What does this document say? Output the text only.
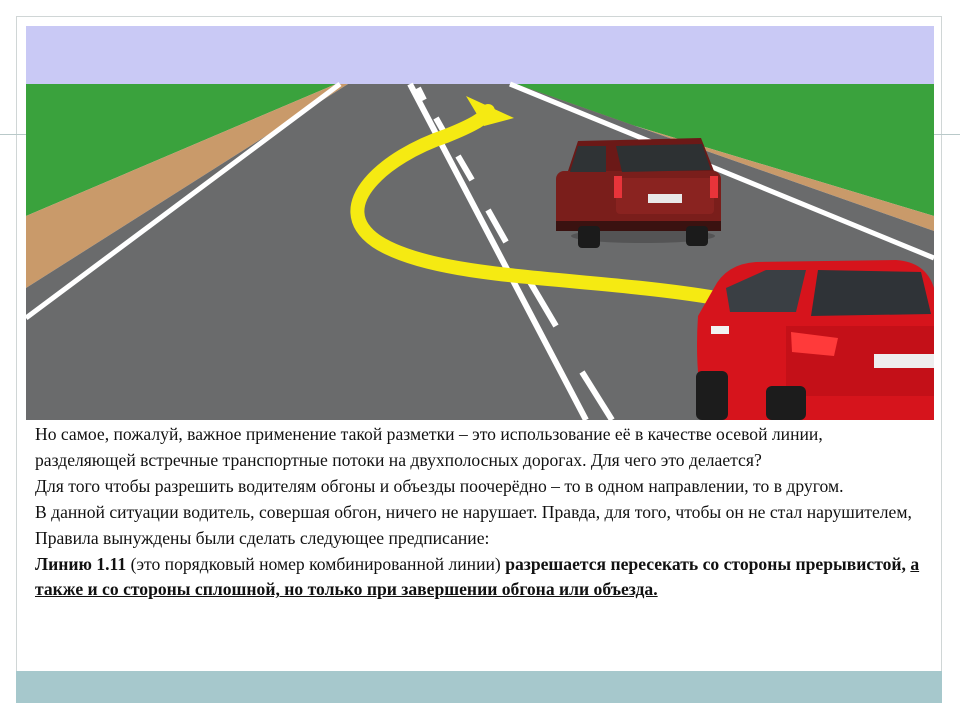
Но самое, пожалуй, важное применение такой разметки – это использование её в качестве осевой линии, разделяющей встречные транспортные потоки на двухполосных дорогах. Для чего это делается?

Для того чтобы разрешить водителям обгоны и объезды поочерёдно – то в одном направлении, то в другом.

В данной ситуации водитель, совершая обгон, ничего не нарушает. Правда, для того, чтобы он не стал нарушителем, Правила вынуждены были сделать следующее предписание:

Линию 1.11 (это порядковый номер комбинированной линии) разрешается пересекать со стороны прерывистой, а также и со стороны сплошной, но только при завершении обгона или объезда.
